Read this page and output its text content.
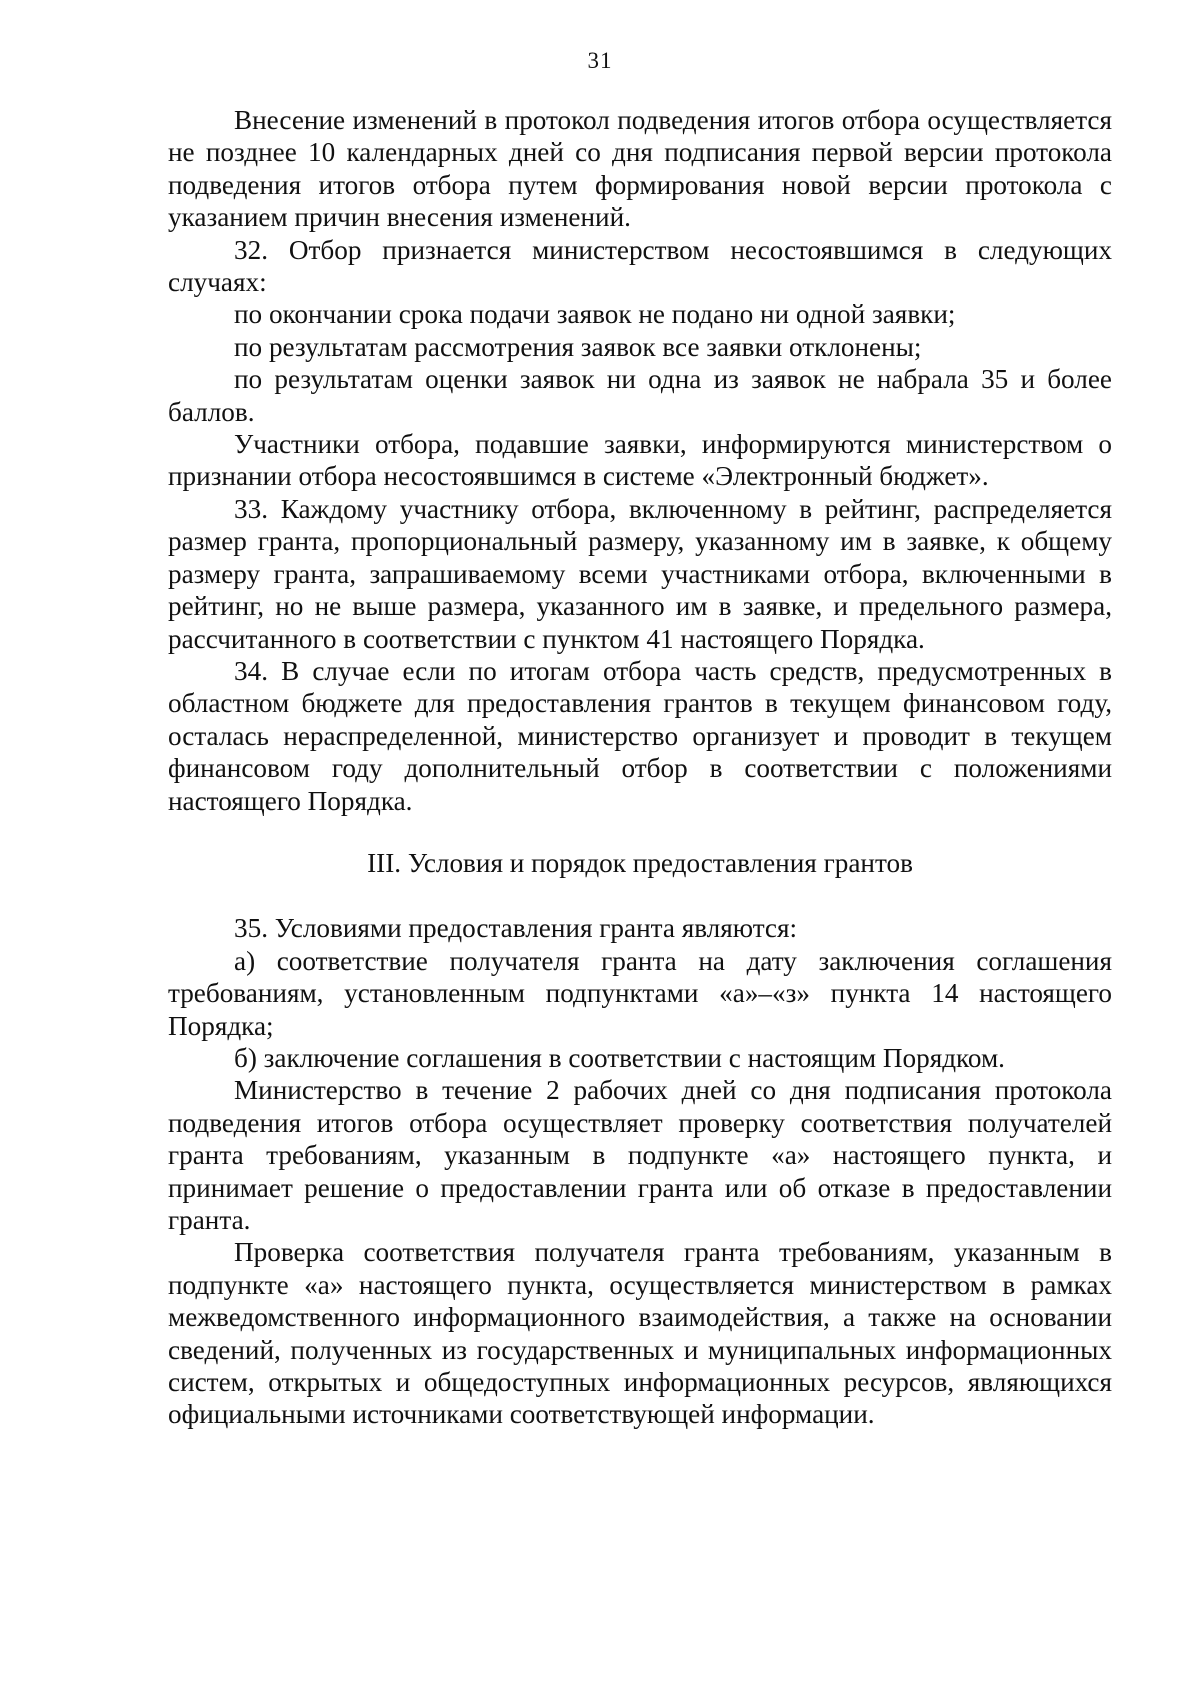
31

Внесение изменений в протокол подведения итогов отбора осуществляется не позднее 10 календарных дней со дня подписания первой версии протокола подведения итогов отбора путем формирования новой версии протокола с указанием причин внесения изменений.

32. Отбор признается министерством несостоявшимся в следующих случаях:

по окончании срока подачи заявок не подано ни одной заявки;

по результатам рассмотрения заявок все заявки отклонены;

по результатам оценки заявок ни одна из заявок не набрала 35 и более баллов.

Участники отбора, подавшие заявки, информируются министерством о признании отбора несостоявшимся в системе «Электронный бюджет».

33. Каждому участнику отбора, включенному в рейтинг, распределяется размер гранта, пропорциональный размеру, указанному им в заявке, к общему размеру гранта, запрашиваемому всеми участниками отбора, включенными в рейтинг, но не выше размера, указанного им в заявке, и предельного размера, рассчитанного в соответствии с пунктом 41 настоящего Порядка.

34. В случае если по итогам отбора часть средств, предусмотренных в областном бюджете для предоставления грантов в текущем финансовом году, осталась нераспределенной, министерство организует и проводит в текущем финансовом году дополнительный отбор в соответствии с положениями настоящего Порядка.

III. Условия и порядок предоставления грантов

35. Условиями предоставления гранта являются:

а) соответствие получателя гранта на дату заключения соглашения требованиям, установленным подпунктами «а»–«з» пункта 14 настоящего Порядка;

б) заключение соглашения в соответствии с настоящим Порядком.

Министерство в течение 2 рабочих дней со дня подписания протокола подведения итогов отбора осуществляет проверку соответствия получателей гранта требованиям, указанным в подпункте «а» настоящего пункта, и принимает решение о предоставлении гранта или об отказе в предоставлении гранта.

Проверка соответствия получателя гранта требованиям, указанным в подпункте «а» настоящего пункта, осуществляется министерством в рамках межведомственного информационного взаимодействия, а также на основании сведений, полученных из государственных и муниципальных информационных систем, открытых и общедоступных информационных ресурсов, являющихся официальными источниками соответствующей информации.
